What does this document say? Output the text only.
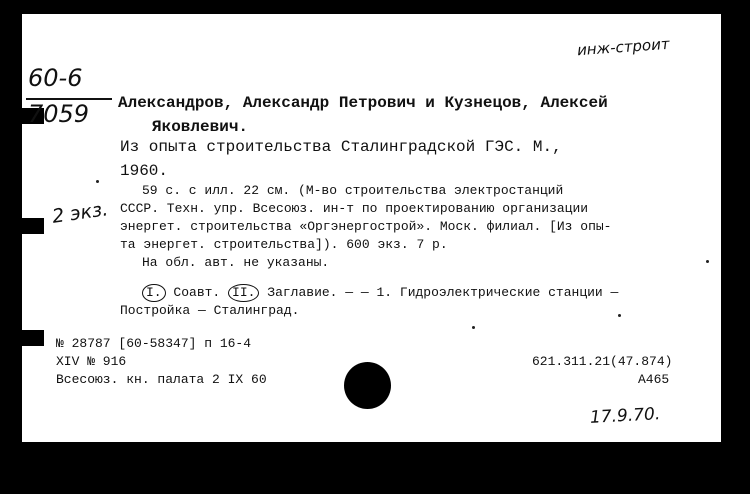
инж-строит
60-6
7059
2 экз.
Александров, Александр Петрович и Кузнецов, Алексей
Яковлевич.
Из опыта строительства Сталинградской ГЭС. М.,
1960.
59 с. с илл. 22 см. (М-во строительства электростанций
СССР. Техн. упр. Всесоюз. ин-т по проектированию организации
энергет. строительства «Оргэнергострой». Моск. филиал. [Из опы-
та энергет. строительства]). 600 экз. 7 р.
На обл. авт. не указаны.
I. Соавт. II. Заглавие. — — 1. Гидроэлектрические станции —
Постройка — Сталинград.
№ 28787 [60-58347] п 16-4
XIV № 916
Всесоюз. кн. палата 2 IX 60
621.311.21(47.874)
А465
17.9.70.
